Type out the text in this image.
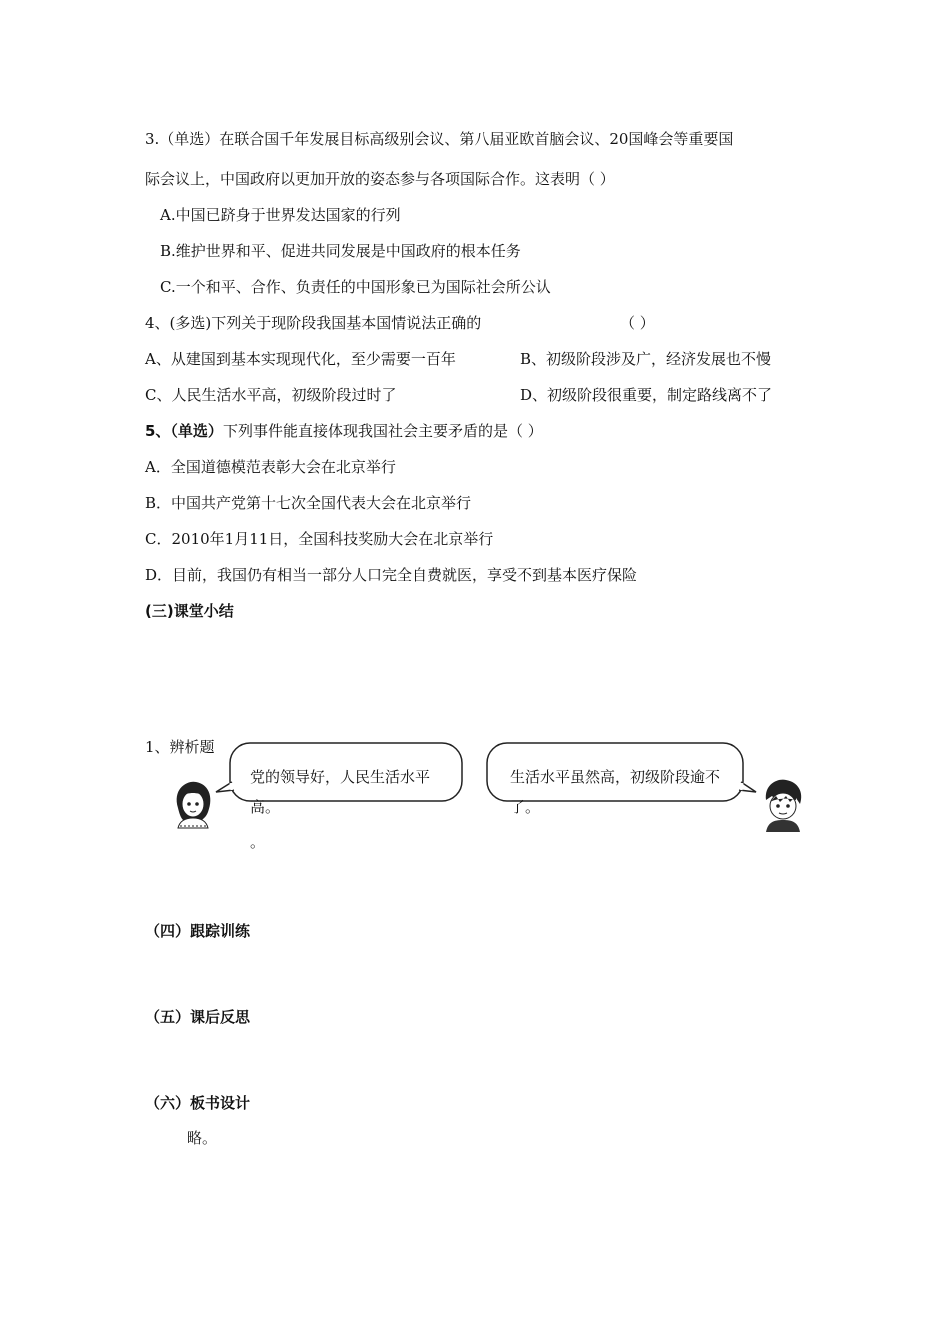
3.（单选）在联合国千年发展目标高级别会议、第八届亚欧首脑会议、20国峰会等重要国
际会议上，中国政府以更加开放的姿态参与各项国际合作。这表明（ ）
A.中国已跻身于世界发达国家的行列
B.维护世界和平、促进共同发展是中国政府的根本任务
C.一个和平、合作、负责任的中国形象已为国际社会所公认
4、(多选)下列关于现阶段我国基本国情说法正确的	（ ）
A、从建国到基本实现现代化，至少需要一百年	B、初级阶段涉及广，经济发展也不慢
C、人民生活水平高，初级阶段过时了	D、初级阶段很重要，制定路线离不了
5、（单选）下列事件能直接体现我国社会主要矛盾的是（ ）
A．全国道德模范表彰大会在北京举行
B．中国共产党第十七次全国代表大会在北京举行
C．2010年1月11日，全国科技奖励大会在北京举行
D．目前，我国仍有相当一部分人口完全自费就医，享受不到基本医疗保险
(三)课堂小结
1、辨析题
党的领导好，人民生活水平高。
。
生活水平虽然高，初级阶段逾不了。
（四）跟踪训练
（五）课后反思
（六）板书设计
略。
